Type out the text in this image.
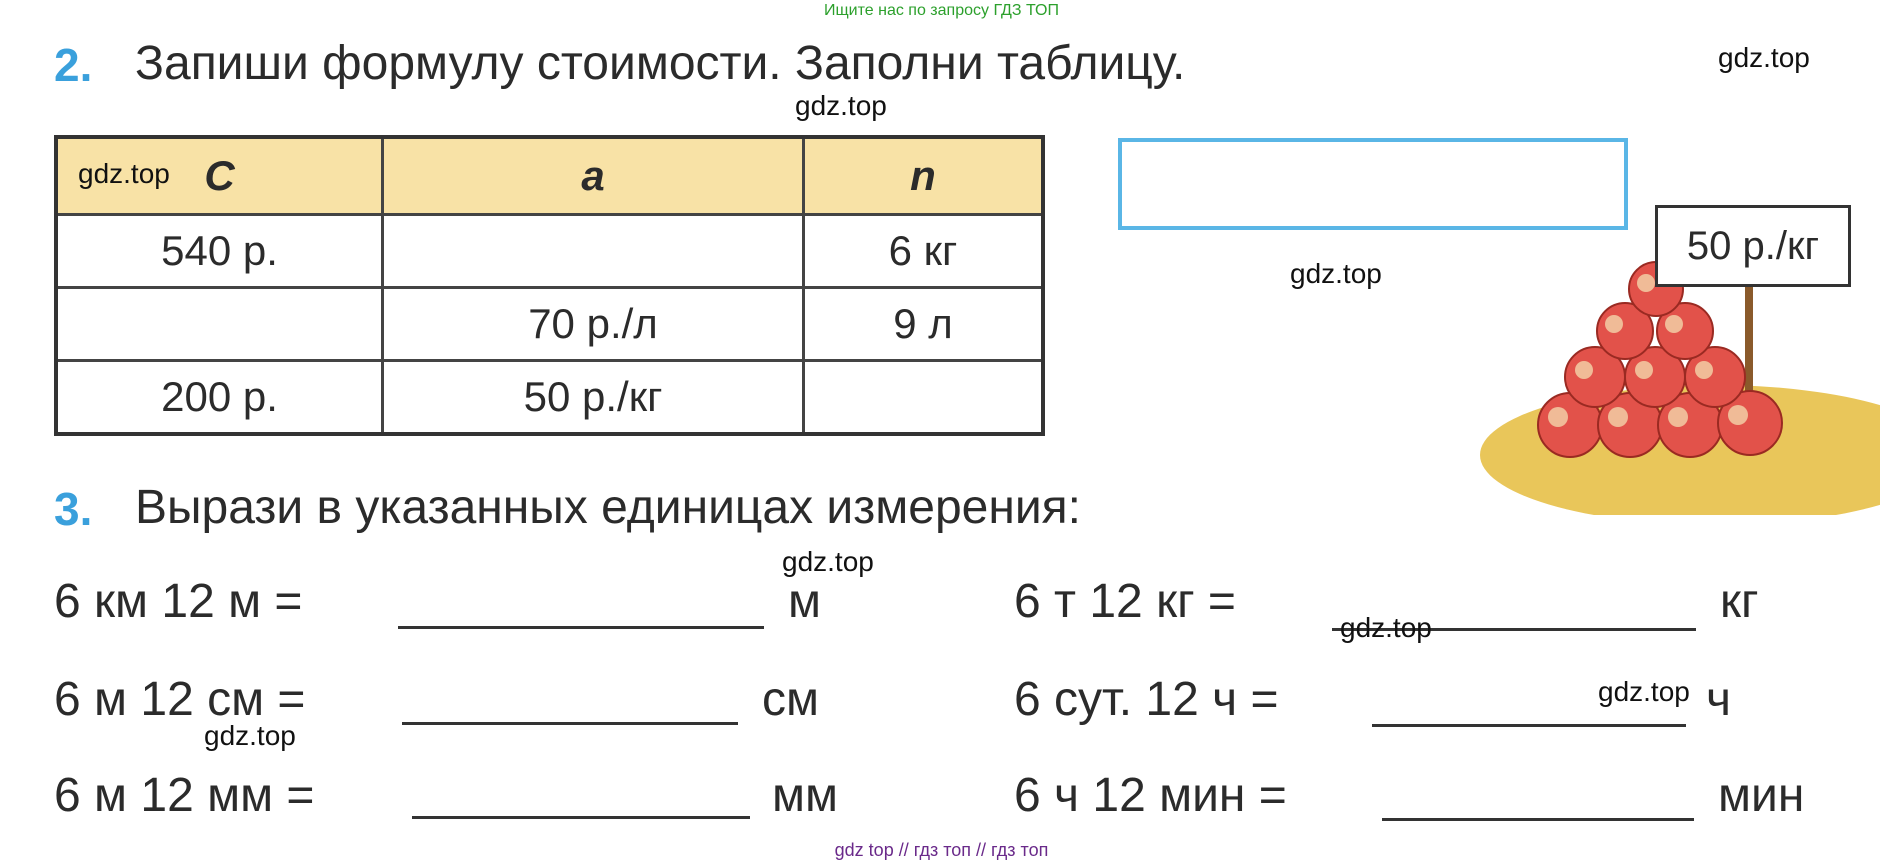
Ищите нас по запросу ГДЗ ТОП
2. Запиши формулу стоимости. Заполни таблицу.
C	a	n
540 р.		6 кг
	70 р./л	9 л
200 р.	50 р./кг	
50 р./кг
3. Вырази в указанных единицах измерения:
6 км 12 м =	м
6 м 12 см =	см
6 м 12 мм =	мм
6 т 12 кг =	кг
6 сут. 12 ч =	ч
6 ч 12 мин =	мин
gdz.top
gdz.top
gdz.top
gdz.top
gdz.top
gdz.top
gdz.top
gdz.top
gdz top // гдз топ // гдз топ
